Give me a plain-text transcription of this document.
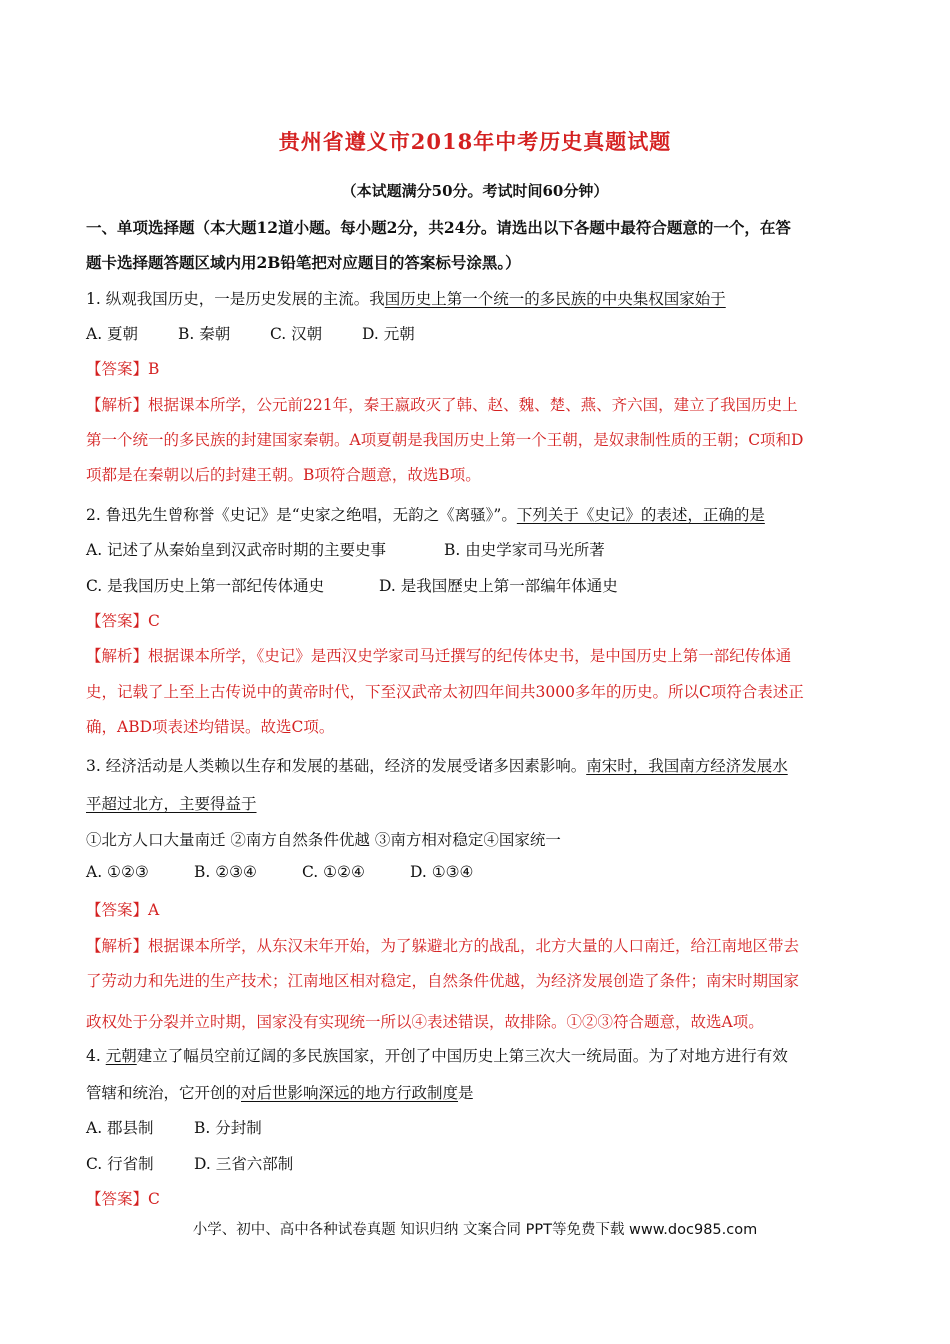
贵州省遵义市2018年中考历史真题试题
（本试题满分50分。考试时间60分钟）
一、单项选择题（本大题12道小题。每小题2分，共24分。请选出以下各题中最符合题意的一个，在答
题卡选择题答题区域内用2B铅笔把对应题目的答案标号涂黑。）
1. 纵观我国历史，一是历史发展的主流。我国历史上第一个统一的多民族的中央集权国家始于
A. 夏朝	B. 秦朝	C. 汉朝	D. 元朝
【答案】B
【解析】根据课本所学，公元前221年，秦王嬴政灭了韩、赵、魏、楚、燕、齐六国，建立了我国历史上
第一个统一的多民族的封建国家秦朝。A项夏朝是我国历史上第一个王朝，是奴隶制性质的王朝；C项和D
项都是在秦朝以后的封建王朝。B项符合题意，故选B项。
2. 鲁迅先生曾称誉《史记》是“史家之绝唱，无韵之《离骚》”。下列关于《史记》的表述，正确的是
A. 记述了从秦始皇到汉武帝时期的主要史事	B. 由史学家司马光所著
C. 是我国历史上第一部纪传体通史	D. 是我国歷史上第一部编年体通史
【答案】C
【解析】根据课本所学，《史记》是西汉史学家司马迁撰写的纪传体史书，是中国历史上第一部纪传体通
史，记载了上至上古传说中的黄帝时代，下至汉武帝太初四年间共3000多年的历史。所以C项符合表述正
确，ABD项表述均错误。故选C项。
3. 经济活动是人类赖以生存和发展的基础，经济的发展受诸多因素影响。南宋时，我国南方经济发展水
平超过北方，主要得益于
①北方人口大量南迁 ②南方自然条件优越 ③南方相对稳定④国家统一
A. ①②③	B. ②③④	C. ①②④	D. ①③④
【答案】A
【解析】根据课本所学，从东汉末年开始，为了躲避北方的战乱，北方大量的人口南迁，给江南地区带去
了劳动力和先进的生产技术；江南地区相对稳定，自然条件优越，为经济发展创造了条件；南宋时期国家
政权处于分裂并立时期，国家没有实现统一所以④表述错误，故排除。①②③符合题意，故选A项。
4. 元朝建立了幅员空前辽阔的多民族国家，开创了中国历史上第三次大一统局面。为了对地方进行有效
管辖和统治，它开创的对后世影响深远的地方行政制度是
A. 郡县制	B. 分封制
C. 行省制	D. 三省六部制
【答案】C
小学、初中、高中各种试卷真题 知识归纳 文案合同 PPT等免费下载 www.doc985.com
